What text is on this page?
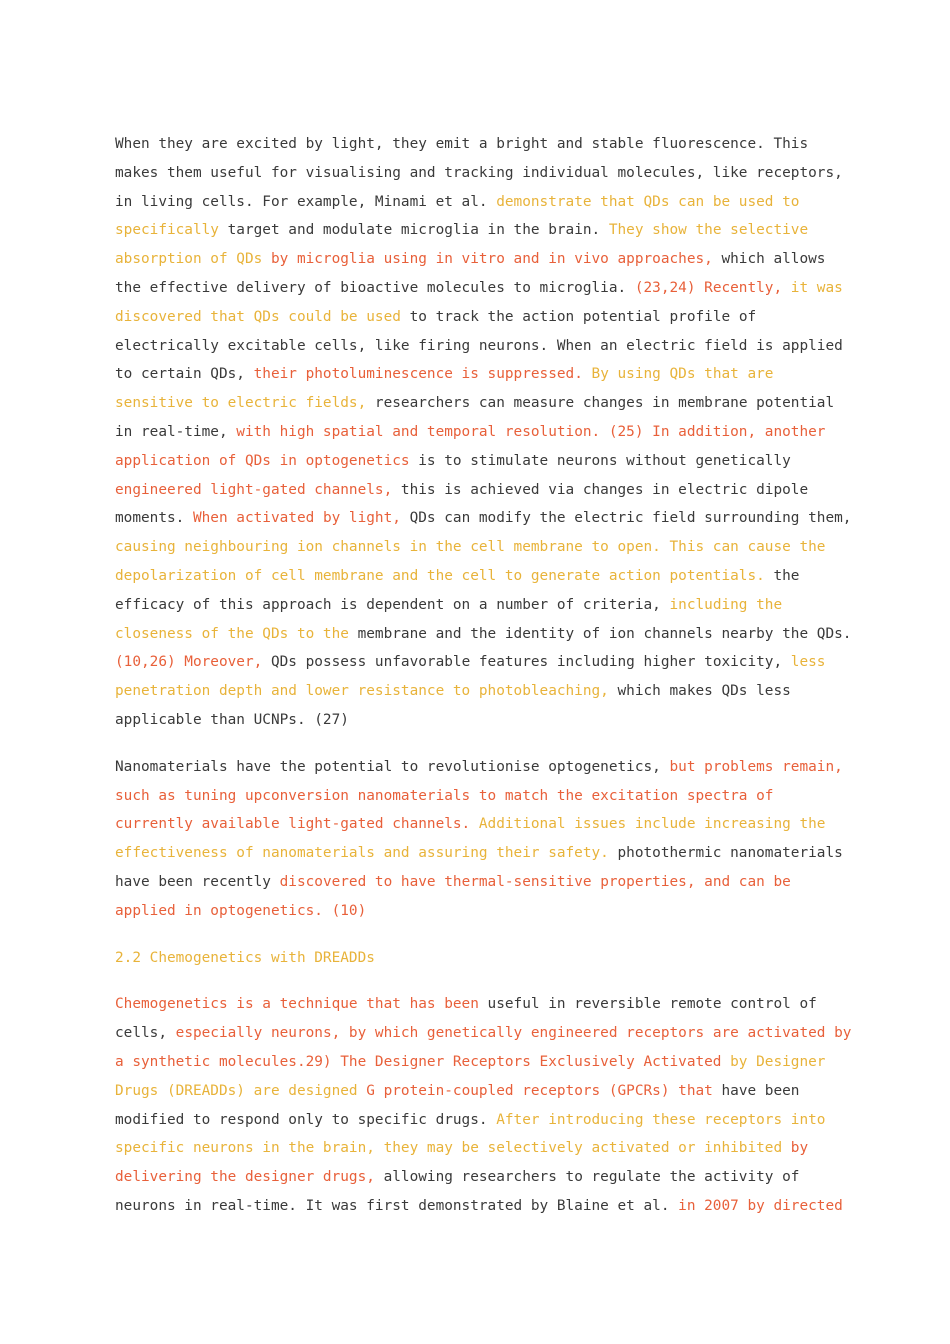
When they are excited by light, they emit a bright and stable fluorescence. This
makes them useful for visualising and tracking individual molecules, like receptors,
in living cells. For example, Minami et al. demonstrate that QDs can be used to
specifically target and modulate microglia in the brain. They show the selective
absorption of QDs by microglia using in vitro and in vivo approaches, which allows
the effective delivery of bioactive molecules to microglia. (23,24) Recently, it was
discovered that QDs could be used to track the action potential profile of
electrically excitable cells, like firing neurons. When an electric field is applied
to certain QDs, their photoluminescence is suppressed. By using QDs that are
sensitive to electric fields, researchers can measure changes in membrane potential
in real-time, with high spatial and temporal resolution. (25) In addition, another
application of QDs in optogenetics is to stimulate neurons without genetically
engineered light-gated channels, this is achieved via changes in electric dipole
moments. When activated by light, QDs can modify the electric field surrounding them,
causing neighbouring ion channels in the cell membrane to open. This can cause the
depolarization of cell membrane and the cell to generate action potentials. the
efficacy of this approach is dependent on a number of criteria, including the
closeness of the QDs to the membrane and the identity of ion channels nearby the QDs.
(10,26) Moreover, QDs possess unfavorable features including higher toxicity, less
penetration depth and lower resistance to photobleaching, which makes QDs less
applicable than UCNPs. (27)
Nanomaterials have the potential to revolutionise optogenetics, but problems remain,
such as tuning upconversion nanomaterials to match the excitation spectra of
currently available light-gated channels. Additional issues include increasing the
effectiveness of nanomaterials and assuring their safety. photothermic nanomaterials
have been recently discovered to have thermal-sensitive properties, and can be
applied in optogenetics. (10)
2.2 Chemogenetics with DREADDs
Chemogenetics is a technique that has been useful in reversible remote control of
cells, especially neurons, by which genetically engineered receptors are activated by
a synthetic molecules.29) The Designer Receptors Exclusively Activated by Designer
Drugs (DREADDs) are designed G protein-coupled receptors (GPCRs) that have been
modified to respond only to specific drugs. After introducing these receptors into
specific neurons in the brain, they may be selectively activated or inhibited by
delivering the designer drugs, allowing researchers to regulate the activity of
neurons in real-time. It was first demonstrated by Blaine et al. in 2007 by directed
